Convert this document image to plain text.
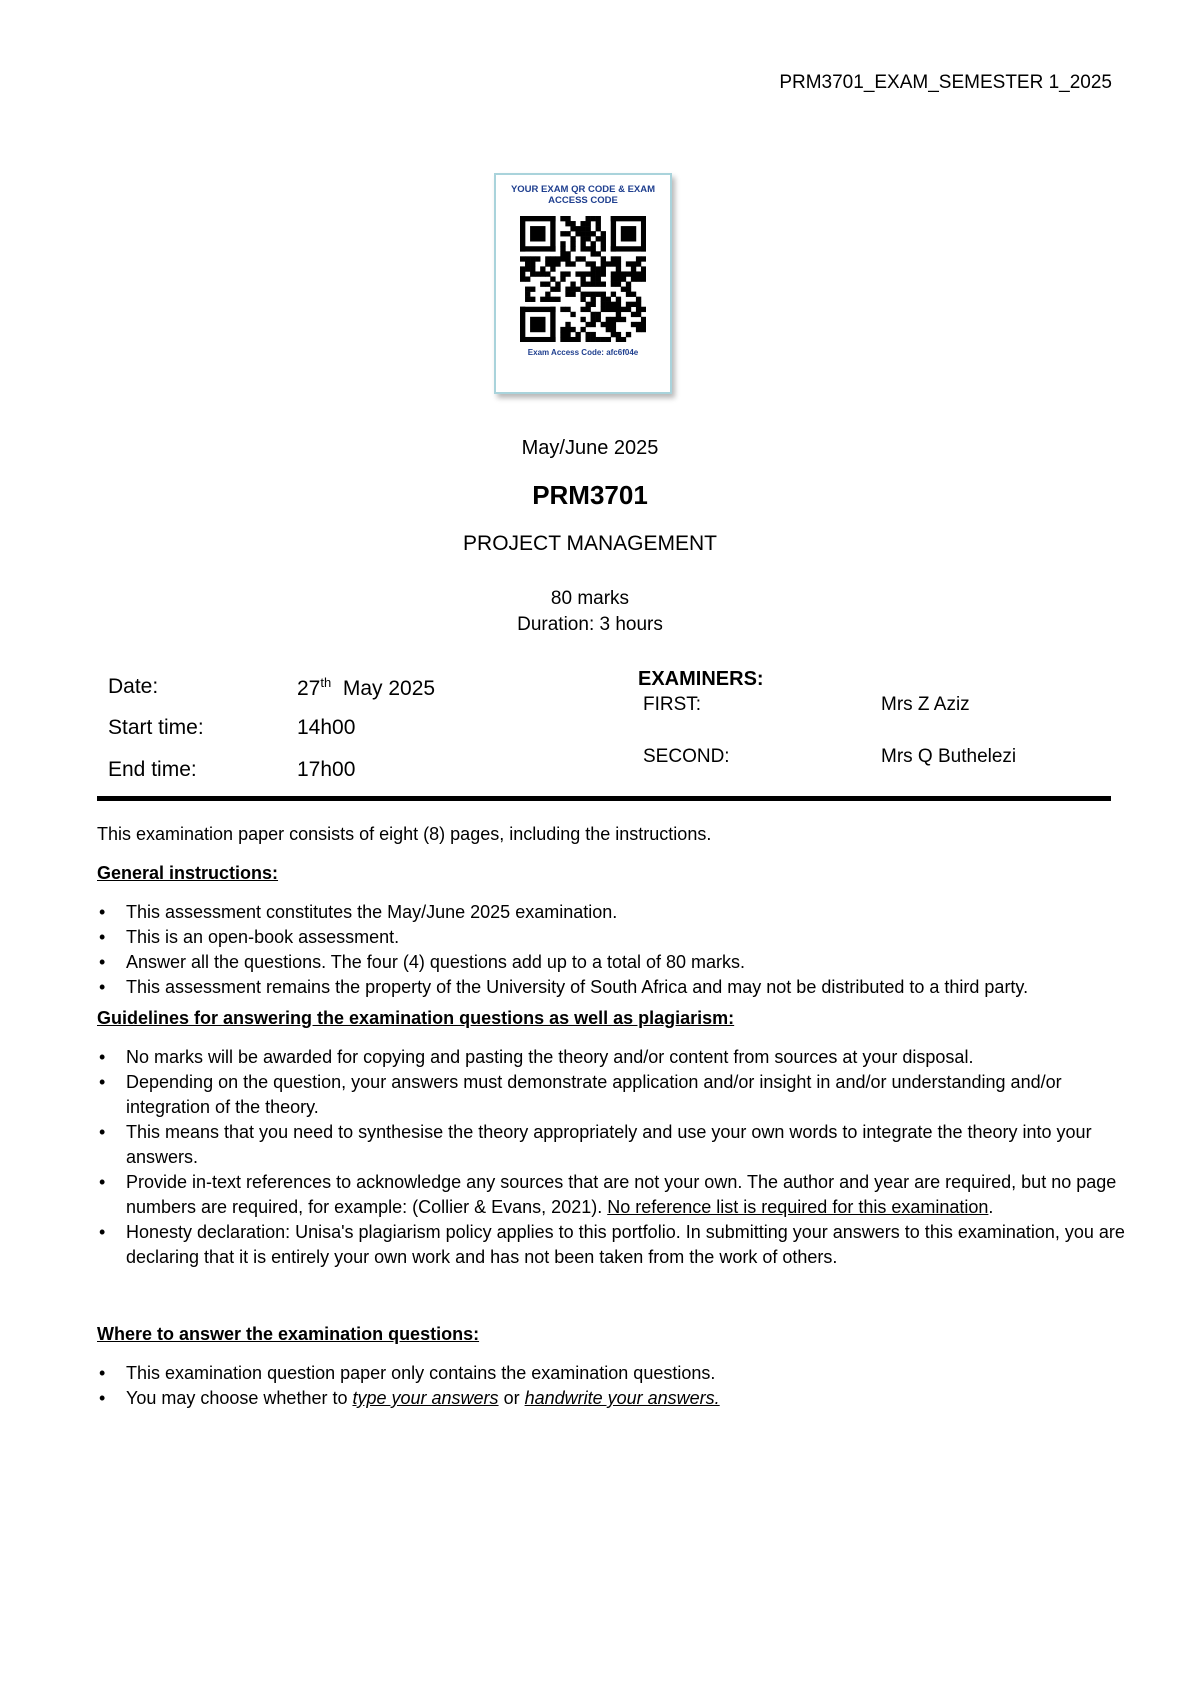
PRM3701_EXAM_SEMESTER 1_2025
YOUR EXAM QR CODE & EXAM ACCESS CODE
Exam Access Code: afc6f04e
May/June 2025
PRM3701
PROJECT MANAGEMENT
80 marks
Duration: 3 hours
Date:	27th May 2025
Start time:	14h00
End time:	17h00
EXAMINERS:
FIRST:	Mrs Z Aziz
SECOND:	Mrs Q Buthelezi

This examination paper consists of eight (8) pages, including the instructions.

General instructions:

• This assessment constitutes the May/June 2025 examination.
• This is an open-book assessment.
• Answer all the questions. The four (4) questions add up to a total of 80 marks.
• This assessment remains the property of the University of South Africa and may not be distributed to a third party.

Guidelines for answering the examination questions as well as plagiarism:

• No marks will be awarded for copying and pasting the theory and/or content from sources at your disposal.
• Depending on the question, your answers must demonstrate application and/or insight in and/or understanding and/or integration of the theory.
• This means that you need to synthesise the theory appropriately and use your own words to integrate the theory into your answers.
• Provide in-text references to acknowledge any sources that are not your own. The author and year are required, but no page numbers are required, for example: (Collier & Evans, 2021). No reference list is required for this examination.
• Honesty declaration: Unisa's plagiarism policy applies to this portfolio. In submitting your answers to this examination, you are declaring that it is entirely your own work and has not been taken from the work of others.

Where to answer the examination questions:

• This examination question paper only contains the examination questions.
• You may choose whether to type your answers or handwrite your answers.
